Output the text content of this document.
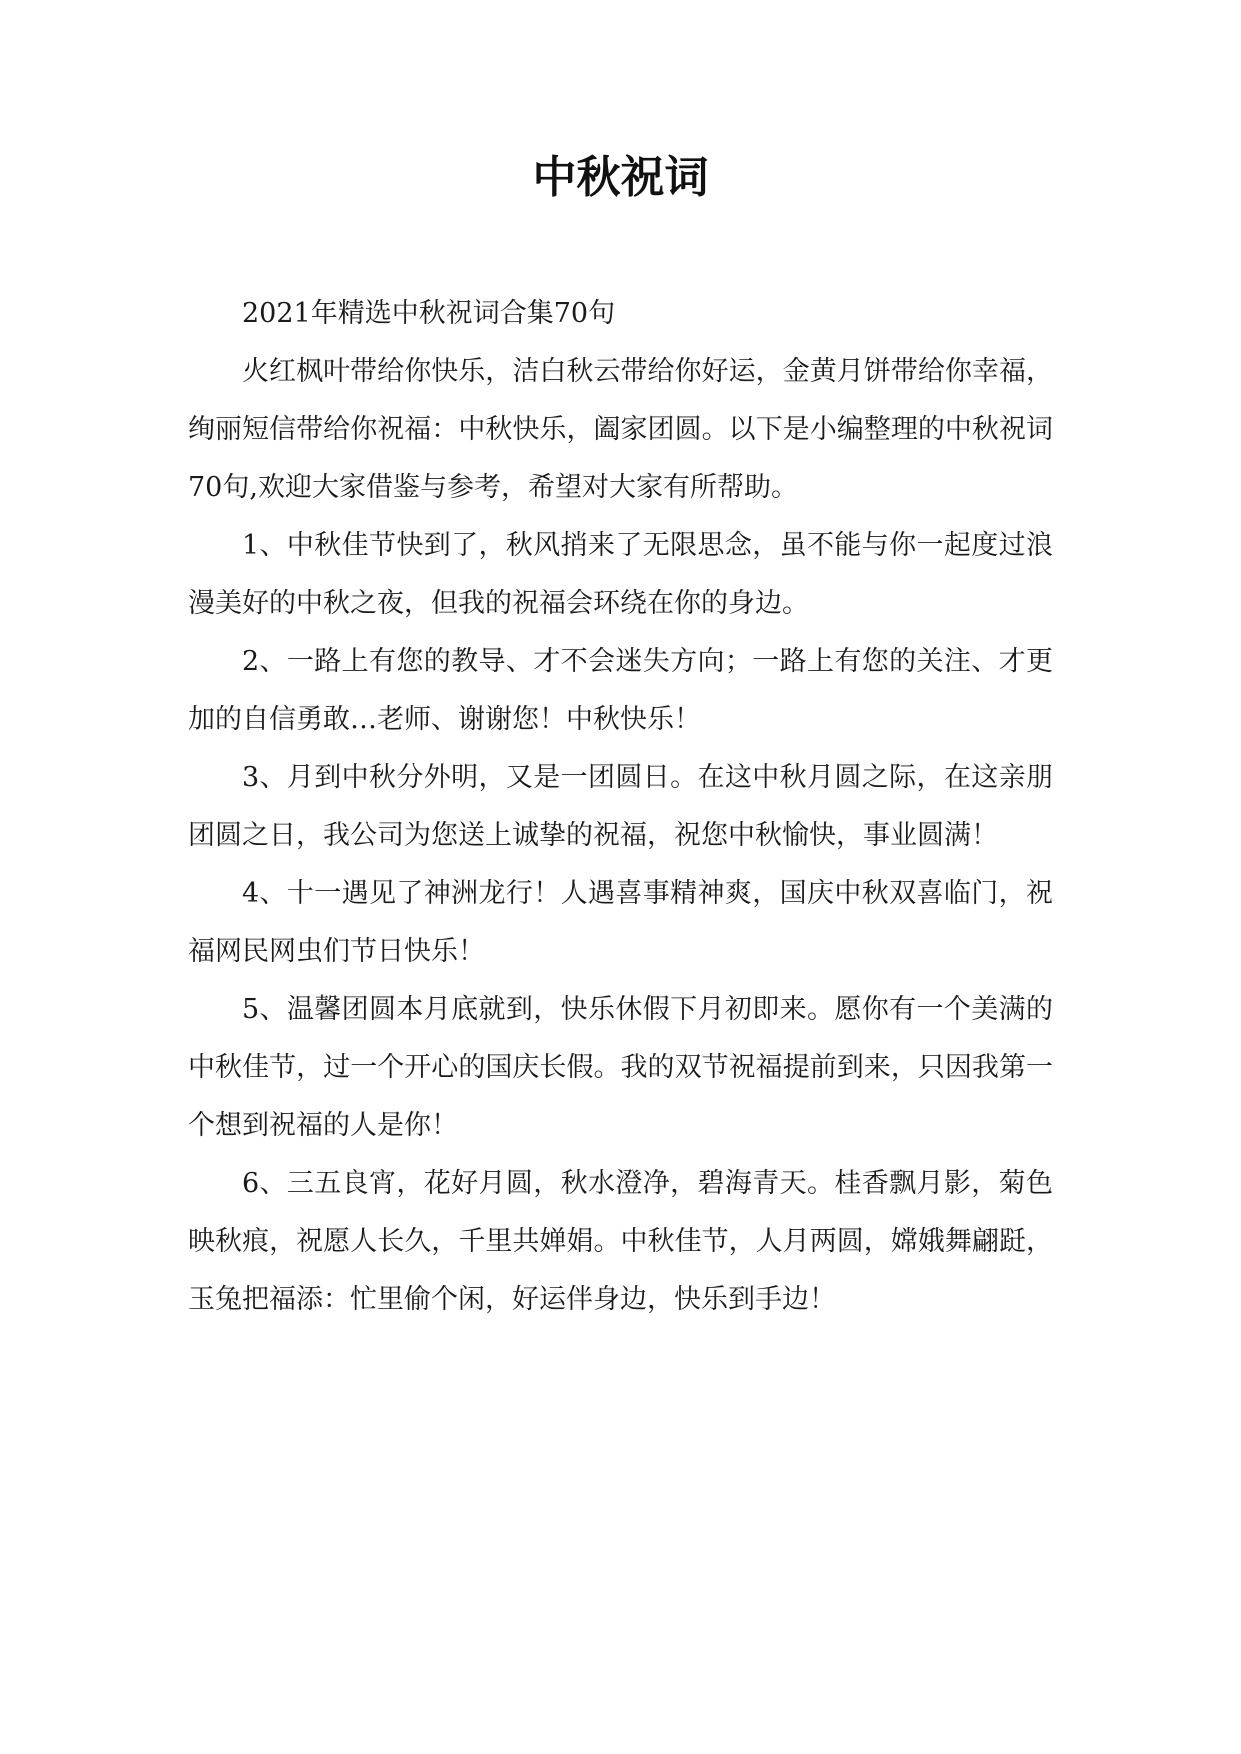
中秋祝词

2021年精选中秋祝词合集70句

火红枫叶带给你快乐，洁白秋云带给你好运，金黄月饼带给你幸福，绚丽短信带给你祝福：中秋快乐，阖家团圆。以下是小编整理的中秋祝词70句,欢迎大家借鉴与参考，希望对大家有所帮助。

1、中秋佳节快到了，秋风捎来了无限思念，虽不能与你一起度过浪漫美好的中秋之夜，但我的祝福会环绕在你的身边。

2、一路上有您的教导、才不会迷失方向；一路上有您的关注、才更加的自信勇敢…老师、谢谢您！中秋快乐！

3、月到中秋分外明，又是一团圆日。在这中秋月圆之际，在这亲朋团圆之日，我公司为您送上诚挚的祝福，祝您中秋愉快，事业圆满！

4、十一遇见了神洲龙行！人遇喜事精神爽，国庆中秋双喜临门，祝福网民网虫们节日快乐！

5、温馨团圆本月底就到，快乐休假下月初即来。愿你有一个美满的中秋佳节，过一个开心的国庆长假。我的双节祝福提前到来，只因我第一个想到祝福的人是你！

6、三五良宵，花好月圆，秋水澄净，碧海青天。桂香飘月影，菊色映秋痕，祝愿人长久，千里共婵娟。中秋佳节，人月两圆，嫦娥舞翩跹，玉兔把福添：忙里偷个闲，好运伴身边，快乐到手边！
